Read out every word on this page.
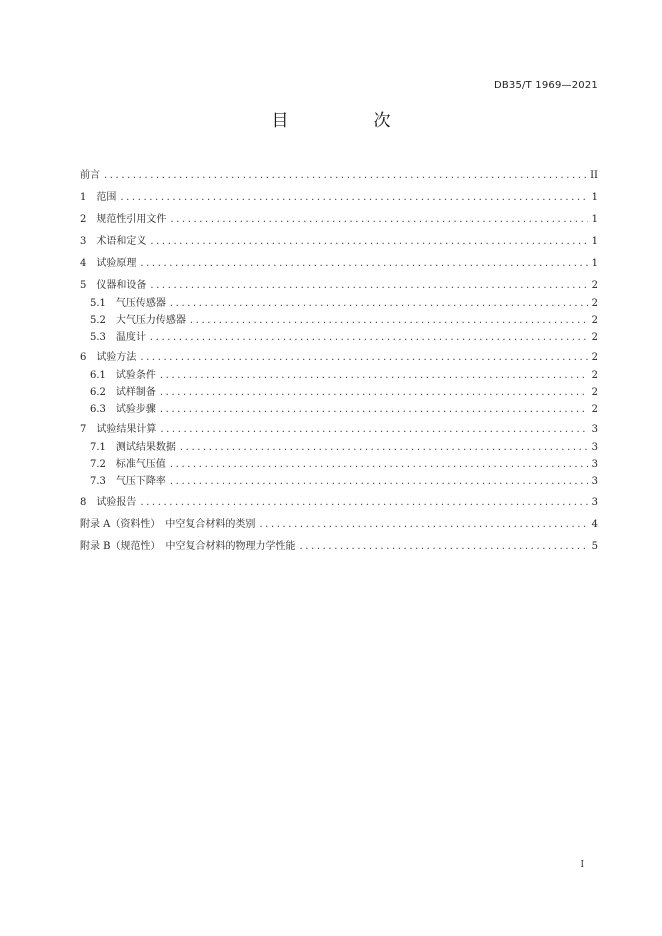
DB35/T 1969—2021
目　次
前言 .....	II
1　范围 .....	1
2　规范性引用文件 .....	1
3　术语和定义 .....	1
4　试验原理 .....	1
5　仪器和设备 .....	2
5.1　气压传感器 .....	2
5.2　大气压力传感器 .....	2
5.3　温度计 .....	2
6　试验方法 .....	2
6.1　试验条件 .....	2
6.2　试样制备 .....	2
6.3　试验步骤 .....	2
7　试验结果计算 .....	3
7.1　测试结果数据 .....	3
7.2　标准气压值 .....	3
7.3　气压下降率 .....	3
8　试验报告 .....	3
附录 A（资料性）　中空复合材料的类别 .....	4
附录 B（规范性）　中空复合材料的物理力学性能 .....	5
I
